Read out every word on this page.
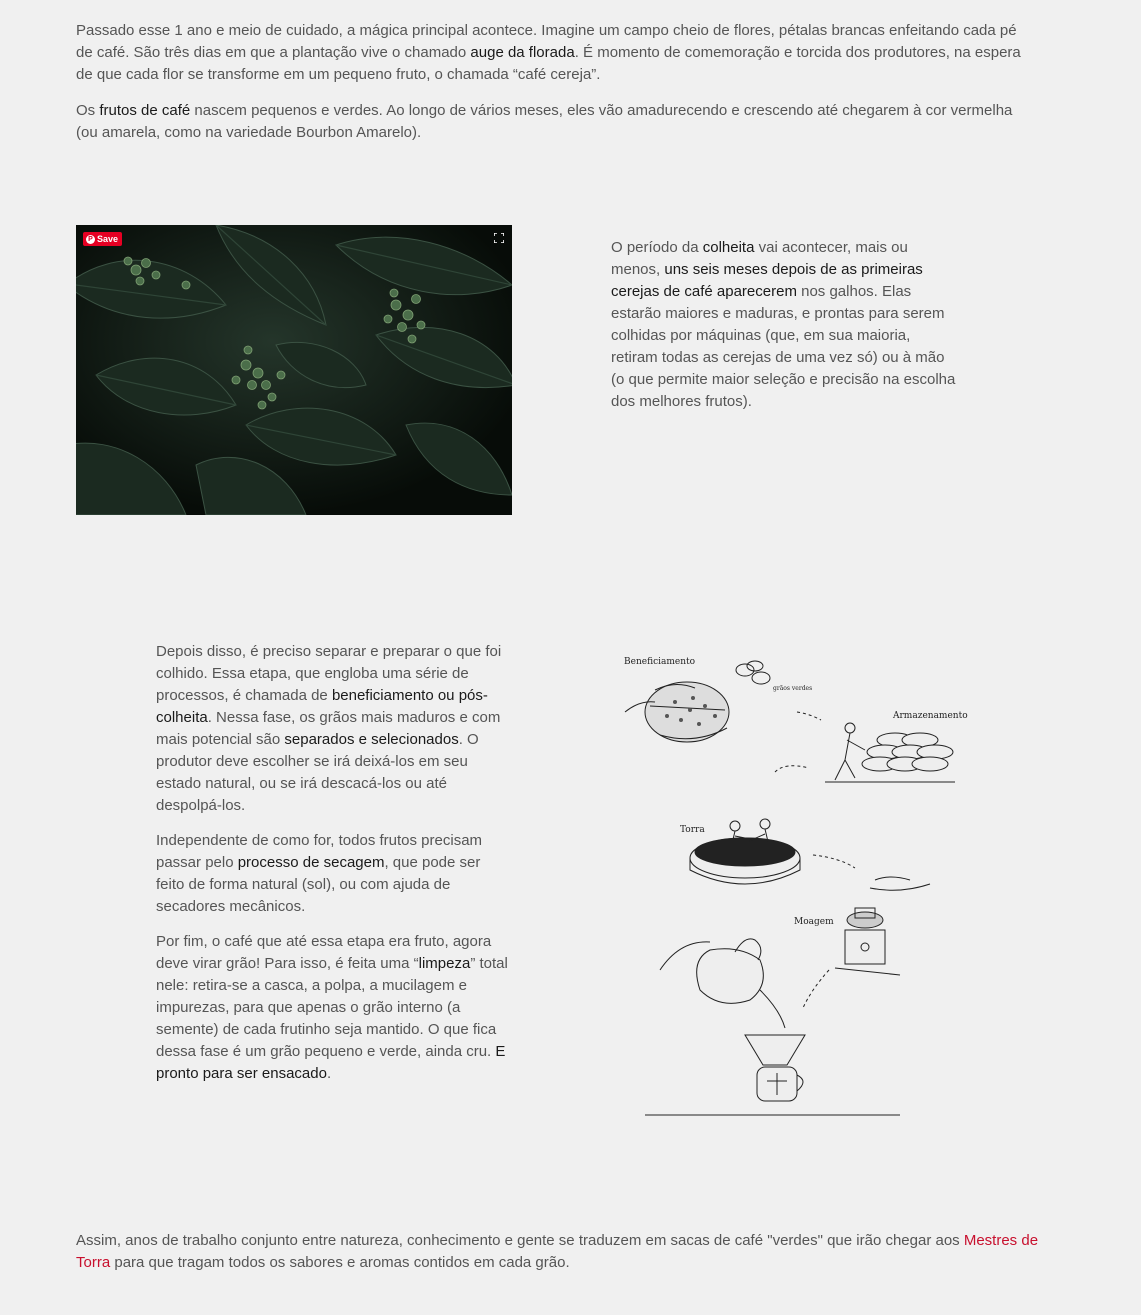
Passado esse 1 ano e meio de cuidado, a mágica principal acontece. Imagine um campo cheio de flores, pétalas brancas enfeitando cada pé de café. São três dias em que a plantação vive o chamado auge da florada. É momento de comemoração e torcida dos produtores, na espera de que cada flor se transforme em um pequeno fruto, o chamada “café cereja”.

Os frutos de café nascem pequenos e verdes. Ao longo de vários meses, eles vão amadurecendo e crescendo até chegarem à cor vermelha (ou amarela, como na variedade Bourbon Amarelo).

P Save	O período da colheita vai acontecer, mais ou menos, uns seis meses depois de as primeiras cerejas de café aparecerem nos galhos. Elas estarão maiores e maduras, e prontas para serem colhidas por máquinas (que, em sua maioria, retiram todas as cerejas de uma vez só) ou à mão (o que permite maior seleção e precisão na escolha dos melhores frutos).

Depois disso, é preciso separar e preparar o que foi colhido. Essa etapa, que engloba uma série de processos, é chamada de beneficiamento ou pós-colheita. Nessa fase, os grãos mais maduros e com mais potencial são separados e selecionados. O produtor deve escolher se irá deixá-los em seu estado natural, ou se irá descacá-los ou até despolpá-los.

Independente de como for, todos frutos precisam passar pelo processo de secagem, que pode ser feito de forma natural (sol), ou com ajuda de secadores mecânicos.

Por fim, o café que até essa etapa era fruto, agora deve virar grão! Para isso, é feita uma “limpeza” total nele: retira-se a casca, a polpa, a mucilagem e impurezas, para que apenas o grão interno (a semente) de cada frutinho seja mantido. O que fica dessa fase é um grão pequeno e verde, ainda cru. E pronto para ser ensacado.

Beneficiamento
grãos verdes
Armazenamento
Torra
Moagem

Assim, anos de trabalho conjunto entre natureza, conhecimento e gente se traduzem em sacas de café "verdes" que irão chegar aos Mestres de Torra para que tragam todos os sabores e aromas contidos em cada grão.
